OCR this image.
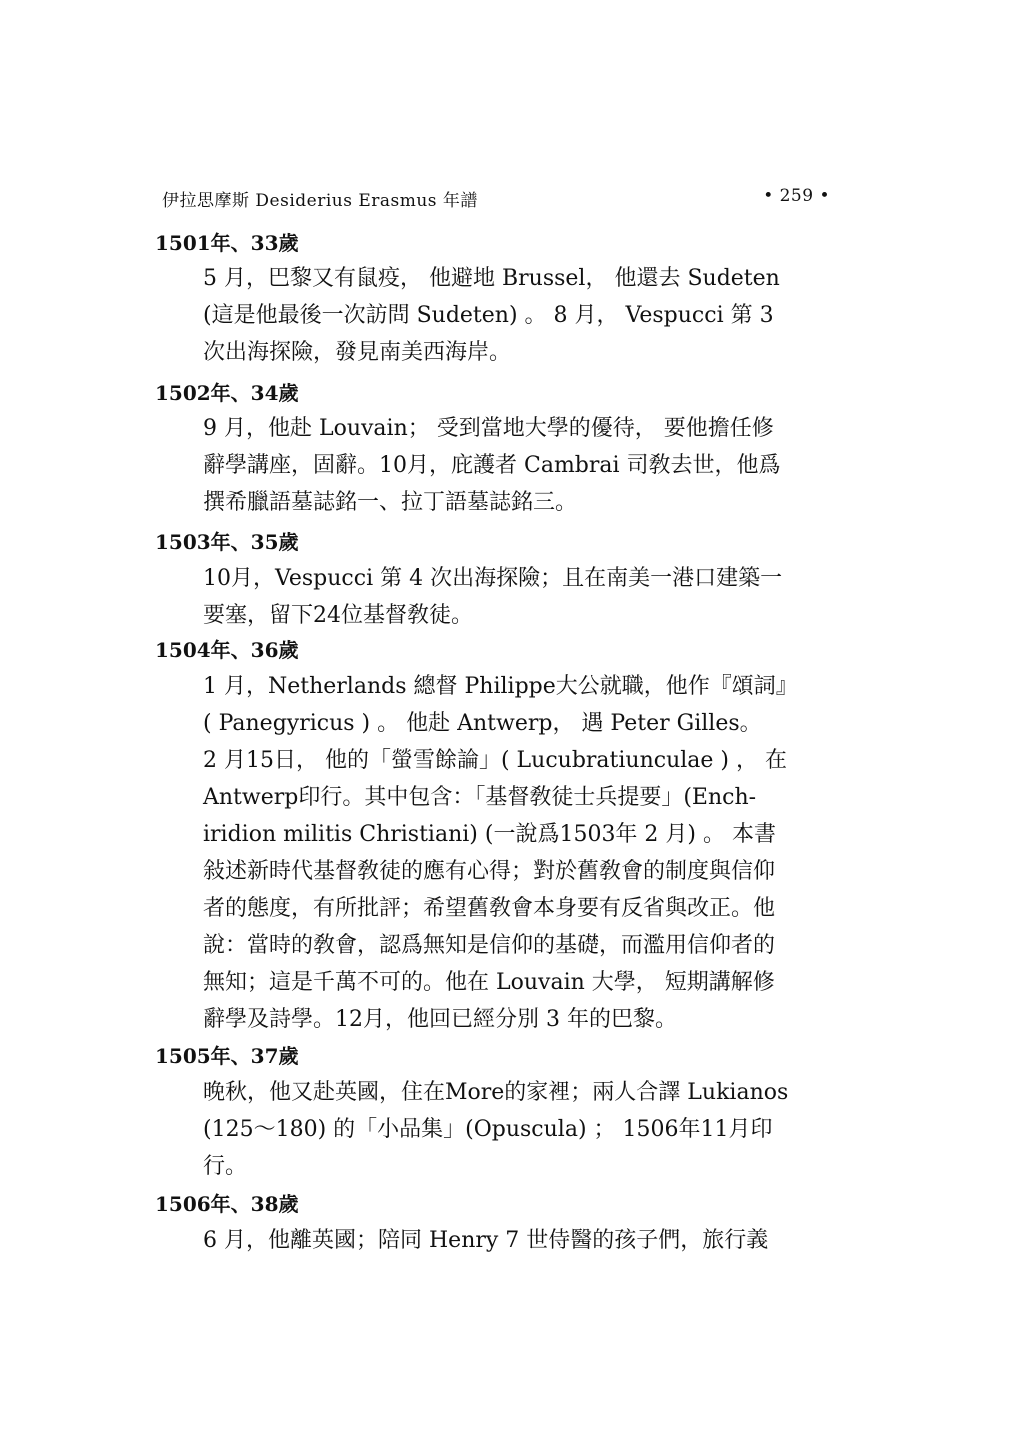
伊拉思摩斯 Desiderius Erasmus 年譜	• 259 •
1501年、33歲
5 月，巴黎又有鼠疫， 他避地 Brussel， 他還去 Sudeten
(這是他最後一次訪問 Sudeten) 。 8 月， Vespucci 第 3
次出海探險，發見南美西海岸。
1502年、34歲
9 月，他赴 Louvain； 受到當地大學的優待， 要他擔任修
辭學講座，固辭。10月，庇護者 Cambrai 司敎去世，他爲
撰希臘語墓誌銘一、拉丁語墓誌銘三。
1503年、35歲
10月，Vespucci 第 4 次出海探險；且在南美一港口建築一
要塞，留下24位基督敎徒。
1504年、36歲
1 月，Netherlands 總督 Philippe大公就職，他作『頌詞』
( Panegyricus ) 。 他赴 Antwerp， 遇 Peter Gilles。
2 月15日， 他的「螢雪餘論」( Lucubratiunculae ) ， 在
Antwerp印行。其中包含：「基督敎徒士兵提要」(Ench-
iridion militis Christiani) (一說爲1503年 2 月) 。 本書
敍述新時代基督敎徒的應有心得；對於舊敎會的制度與信仰
者的態度，有所批評；希望舊敎會本身要有反省與改正。他
說：當時的敎會，認爲無知是信仰的基礎，而濫用信仰者的
無知；這是千萬不可的。他在 Louvain 大學， 短期講解修
辭學及詩學。12月，他回已經分別 3 年的巴黎。
1505年、37歲
晚秋，他又赴英國，住在More的家裡；兩人合譯 Lukianos
(125～180) 的「小品集」(Opuscula) ； 1506年11月印
行。
1506年、38歲
6 月，他離英國；陪同 Henry 7 世侍醫的孩子們，旅行義
